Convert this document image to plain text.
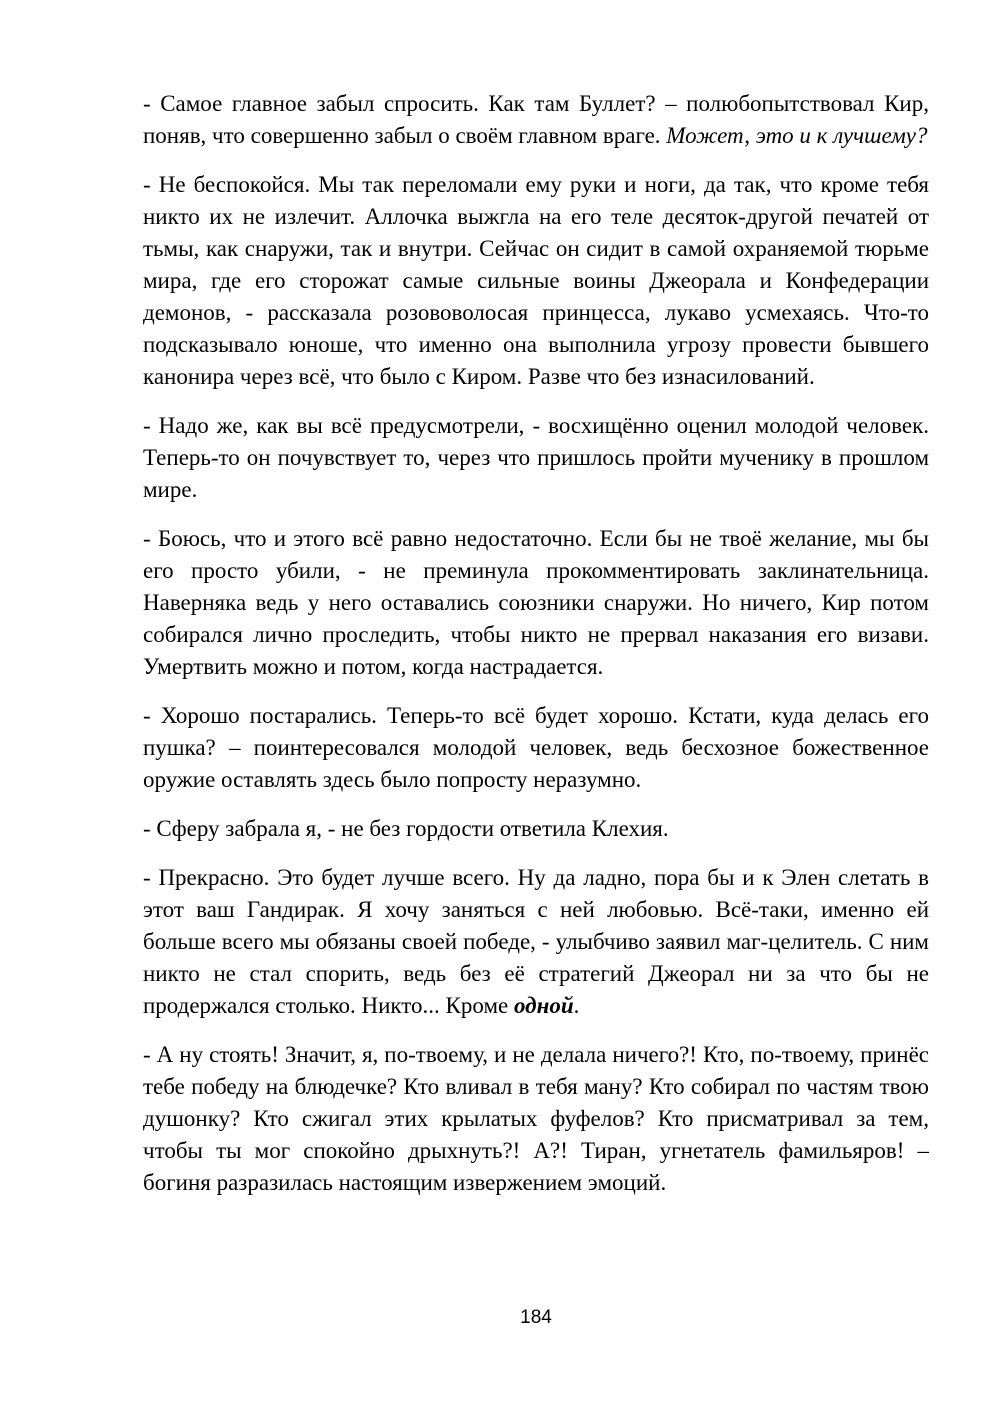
- Самое главное забыл спросить. Как там Буллет? – полюбопытствовал Кир, поняв, что совершенно забыл о своём главном враге. Может, это и к лучшему?

- Не беспокойся. Мы так переломали ему руки и ноги, да так, что кроме тебя никто их не излечит. Аллочка выжгла на его теле десяток-другой печатей от тьмы, как снаружи, так и внутри. Сейчас он сидит в самой охраняемой тюрьме мира, где его сторожат самые сильные воины Джеорала и Конфедерации демонов, - рассказала розововолосая принцесса, лукаво усмехаясь. Что-то подсказывало юноше, что именно она выполнила угрозу провести бывшего канонира через всё, что было с Киром. Разве что без изнасилований.

- Надо же, как вы всё предусмотрели, - восхищённо оценил молодой человек. Теперь-то он почувствует то, через что пришлось пройти мученику в прошлом мире.

- Боюсь, что и этого всё равно недостаточно. Если бы не твоё желание, мы бы его просто убили, - не преминула прокомментировать заклинательница. Наверняка ведь у него оставались союзники снаружи. Но ничего, Кир потом собирался лично проследить, чтобы никто не прервал наказания его визави. Умертвить можно и потом, когда настрадается.

- Хорошо постарались. Теперь-то всё будет хорошо. Кстати, куда делась его пушка? – поинтересовался молодой человек, ведь бесхозное божественное оружие оставлять здесь было попросту неразумно.

- Сферу забрала я, - не без гордости ответила Клехия.

- Прекрасно. Это будет лучше всего. Ну да ладно, пора бы и к Элен слетать в этот ваш Гандирак. Я хочу заняться с ней любовью. Всё-таки, именно ей больше всего мы обязаны своей победе, - улыбчиво заявил маг-целитель. С ним никто не стал спорить, ведь без её стратегий Джеорал ни за что бы не продержался столько. Никто... Кроме одной.

- А ну стоять! Значит, я, по-твоему, и не делала ничего?! Кто, по-твоему, принёс тебе победу на блюдечке? Кто вливал в тебя ману? Кто собирал по частям твою душонку? Кто сжигал этих крылатых фуфелов? Кто присматривал за тем, чтобы ты мог спокойно дрыхнуть?! А?! Тиран, угнетатель фамильяров! – богиня разразилась настоящим извержением эмоций.

184
